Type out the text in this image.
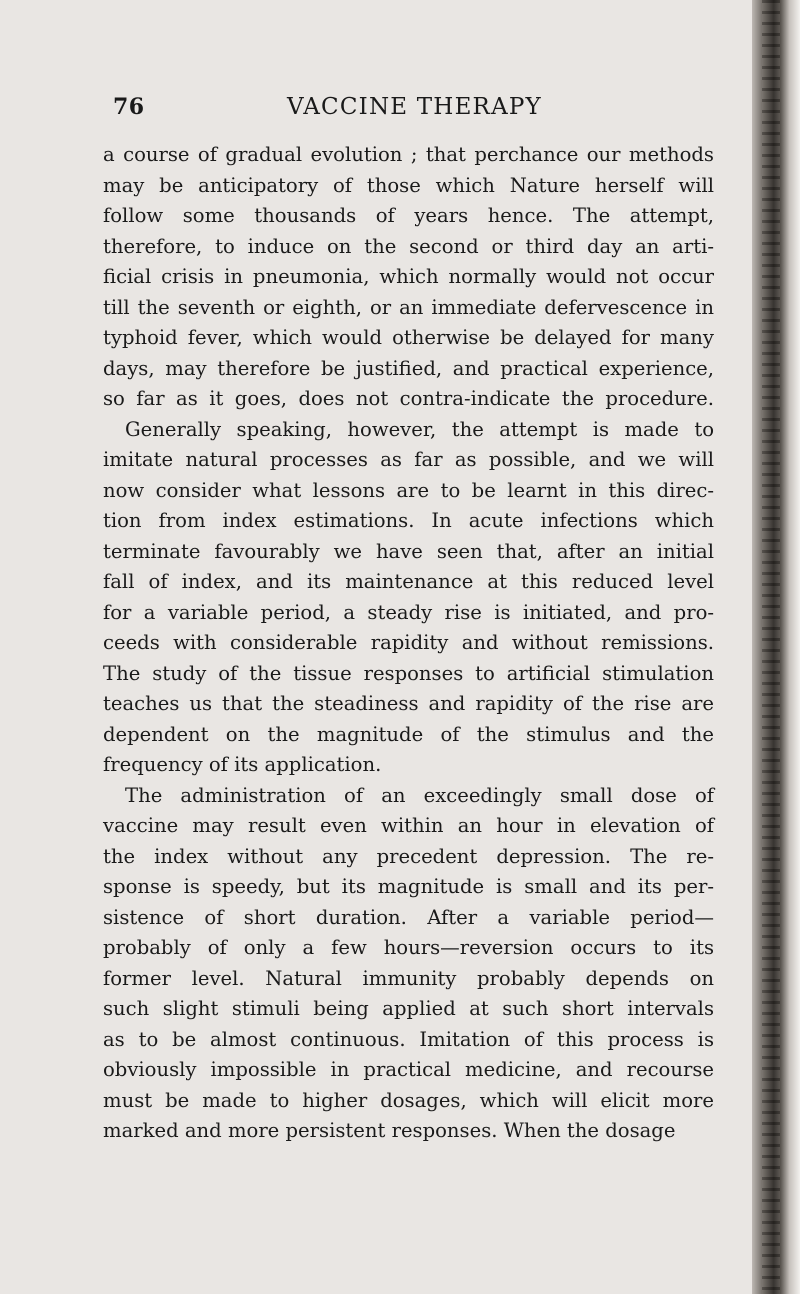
76	VACCINE THERAPY
a course of gradual evolution ; that perchance our methods
may be anticipatory of those which Nature herself will
follow some thousands of years hence. The attempt,
therefore, to induce on the second or third day an arti-
ficial crisis in pneumonia, which normally would not occur
till the seventh or eighth, or an immediate defervescence in
typhoid fever, which would otherwise be delayed for many
days, may therefore be justified, and practical experience,
so far as it goes, does not contra-indicate the procedure.
Generally speaking, however, the attempt is made to
imitate natural processes as far as possible, and we will
now consider what lessons are to be learnt in this direc-
tion from index estimations. In acute infections which
terminate favourably we have seen that, after an initial
fall of index, and its maintenance at this reduced level
for a variable period, a steady rise is initiated, and pro-
ceeds with considerable rapidity and without remissions.
The study of the tissue responses to artificial stimulation
teaches us that the steadiness and rapidity of the rise are
dependent on the magnitude of the stimulus and the
frequency of its application.
The administration of an exceedingly small dose of
vaccine may result even within an hour in elevation of
the index without any precedent depression. The re-
sponse is speedy, but its magnitude is small and its per-
sistence of short duration. After a variable period—
probably of only a few hours—reversion occurs to its
former level. Natural immunity probably depends on
such slight stimuli being applied at such short intervals
as to be almost continuous. Imitation of this process is
obviously impossible in practical medicine, and recourse
must be made to higher dosages, which will elicit more
marked and more persistent responses. When the dosage
